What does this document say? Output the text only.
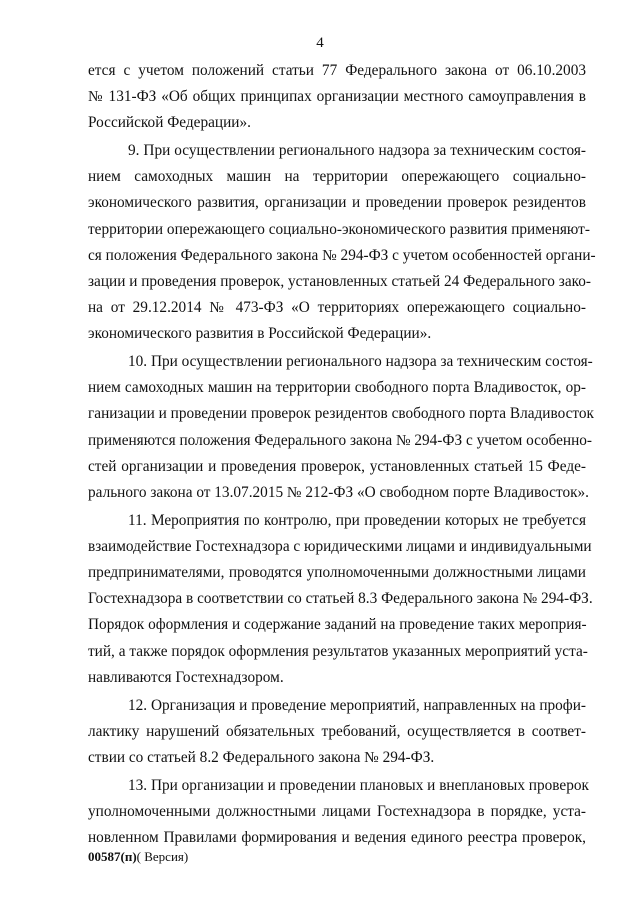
4
ется с учетом положений статьи 77 Федерального закона от 06.10.2003
№ 131-ФЗ «Об общих принципах организации местного самоуправления в
Российской Федерации».
9. При осуществлении регионального надзора за техническим состоя-
нием самоходных машин на территории опережающего социально-
экономического развития, организации и проведении проверок резидентов
территории опережающего социально-экономического развития применяют-
ся положения Федерального закона № 294-ФЗ с учетом особенностей органи-
зации и проведения проверок, установленных статьей 24 Федерального зако-
на от 29.12.2014 № 473-ФЗ «О территориях опережающего социально-
экономического развития в Российской Федерации».
10. При осуществлении регионального надзора за техническим состоя-
нием самоходных машин на территории свободного порта Владивосток, ор-
ганизации и проведении проверок резидентов свободного порта Владивосток
применяются положения Федерального закона № 294-ФЗ с учетом особенно-
стей организации и проведения проверок, установленных статьей 15 Феде-
рального закона от 13.07.2015 № 212-ФЗ «О свободном порте Владивосток».
11. Мероприятия по контролю, при проведении которых не требуется
взаимодействие Гостехнадзора с юридическими лицами и индивидуальными
предпринимателями, проводятся уполномоченными должностными лицами
Гостехнадзора в соответствии со статьей 8.3 Федерального закона № 294-ФЗ.
Порядок оформления и содержание заданий на проведение таких мероприя-
тий, а также порядок оформления результатов указанных мероприятий уста-
навливаются Гостехнадзором.
12. Организация и проведение мероприятий, направленных на профи-
лактику нарушений обязательных требований, осуществляется в соответ-
ствии со статьей 8.2 Федерального закона № 294-ФЗ.
13. При организации и проведении плановых и внеплановых проверок
уполномоченными должностными лицами Гостехнадзора в порядке, уста-
новленном Правилами формирования и ведения единого реестра проверок,
00587(п)( Версия)
